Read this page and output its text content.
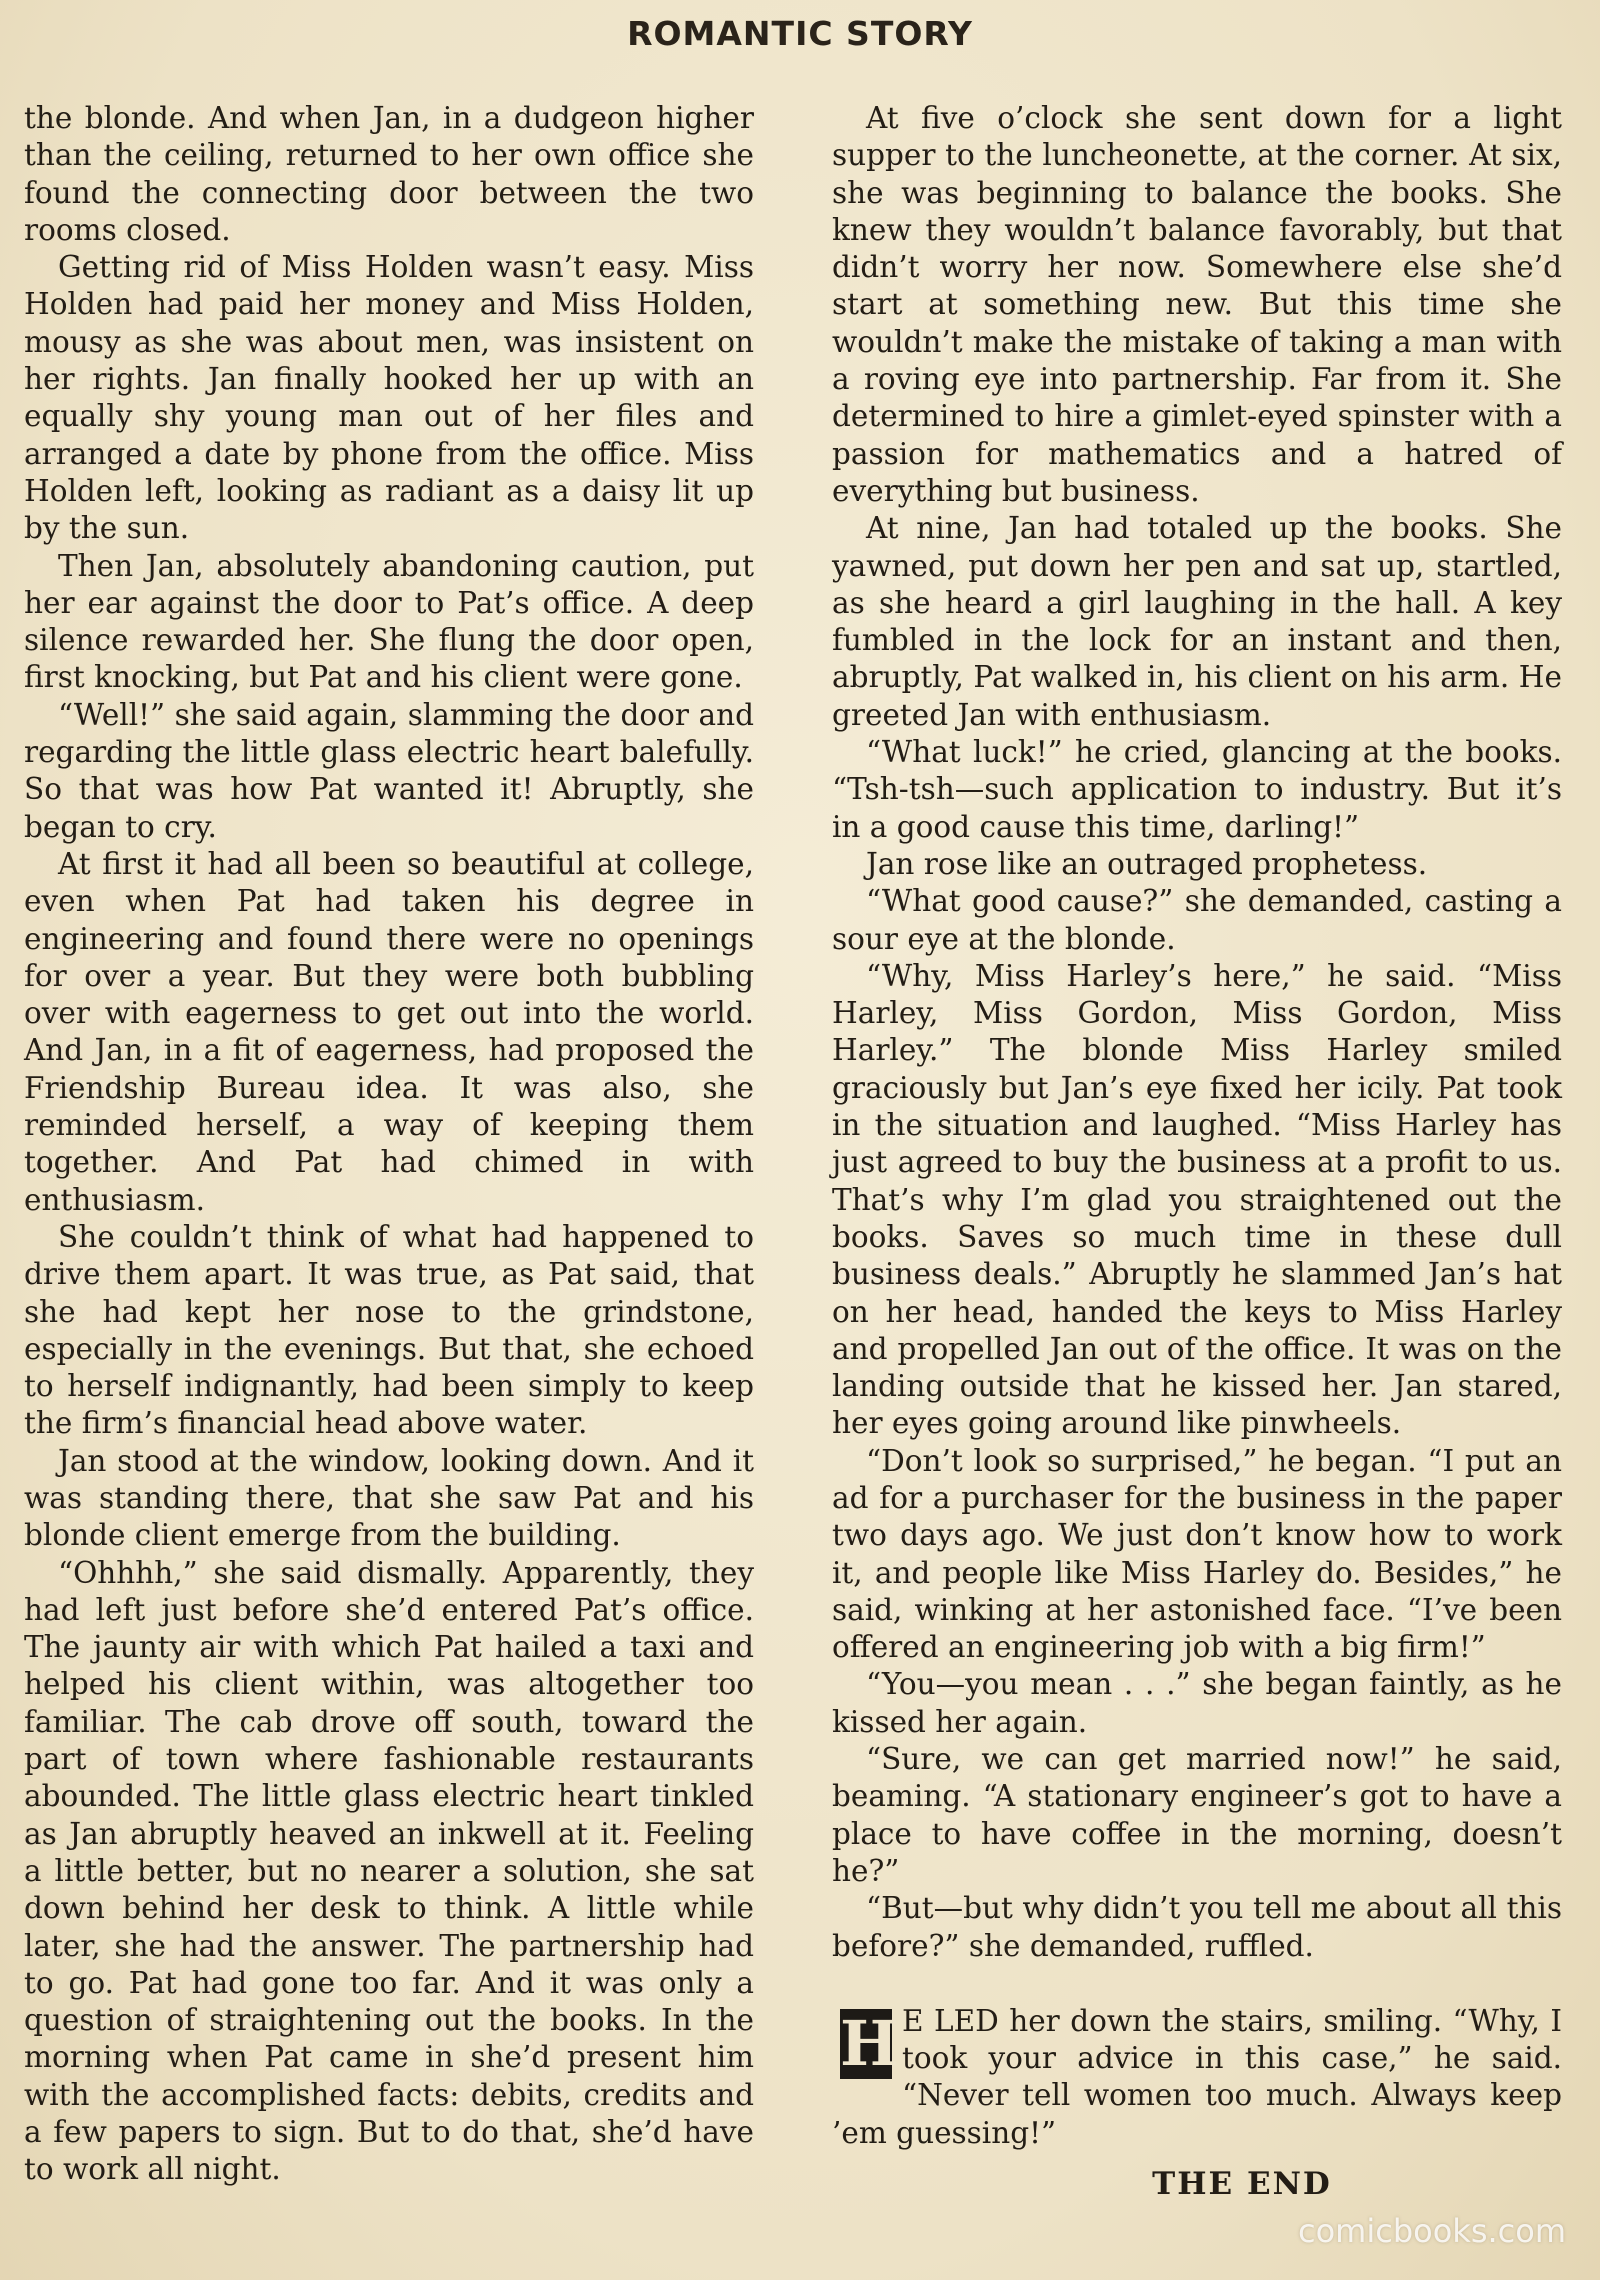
ROMANTIC STORY

the blonde. And when Jan, in a dudgeon higher than the ceiling, returned to her own office she found the connecting door between the two rooms closed.

Getting rid of Miss Holden wasn’t easy. Miss Holden had paid her money and Miss Holden, mousy as she was about men, was insistent on her rights. Jan finally hooked her up with an equally shy young man out of her files and arranged a date by phone from the office. Miss Holden left, looking as radiant as a daisy lit up by the sun.

Then Jan, absolutely abandoning caution, put her ear against the door to Pat’s office. A deep silence rewarded her. She flung the door open, first knocking, but Pat and his client were gone.

“Well!” she said again, slamming the door and regarding the little glass electric heart balefully. So that was how Pat wanted it! Abruptly, she began to cry.

At first it had all been so beautiful at college, even when Pat had taken his degree in engineering and found there were no openings for over a year. But they were both bubbling over with eagerness to get out into the world. And Jan, in a fit of eagerness, had proposed the Friendship Bureau idea. It was also, she reminded herself, a way of keeping them together. And Pat had chimed in with enthusiasm.

She couldn’t think of what had happened to drive them apart. It was true, as Pat said, that she had kept her nose to the grindstone, especially in the evenings. But that, she echoed to herself indignantly, had been simply to keep the firm’s financial head above water.

Jan stood at the window, looking down. And it was standing there, that she saw Pat and his blonde client emerge from the building.

“Ohhhh,” she said dismally. Apparently, they had left just before she’d entered Pat’s office. The jaunty air with which Pat hailed a taxi and helped his client within, was altogether too familiar. The cab drove off south, toward the part of town where fashionable restaurants abounded. The little glass electric heart tinkled as Jan abruptly heaved an inkwell at it. Feeling a little better, but no nearer a solution, she sat down behind her desk to think. A little while later, she had the answer. The partnership had to go. Pat had gone too far. And it was only a question of straightening out the books. In the morning when Pat came in she’d present him with the accomplished facts: debits, credits and a few papers to sign. But to do that, she’d have to work all night.

At five o’clock she sent down for a light supper to the luncheonette, at the corner. At six, she was beginning to balance the books. She knew they wouldn’t balance favorably, but that didn’t worry her now. Somewhere else she’d start at something new. But this time she wouldn’t make the mistake of taking a man with a roving eye into partnership. Far from it. She determined to hire a gimlet-eyed spinster with a passion for mathematics and a hatred of everything but business.

At nine, Jan had totaled up the books. She yawned, put down her pen and sat up, startled, as she heard a girl laughing in the hall. A key fumbled in the lock for an instant and then, abruptly, Pat walked in, his client on his arm. He greeted Jan with enthusiasm.

“What luck!” he cried, glancing at the books. “Tsh-tsh—such application to industry. But it’s in a good cause this time, darling!”

Jan rose like an outraged prophetess.

“What good cause?” she demanded, casting a sour eye at the blonde.

“Why, Miss Harley’s here,” he said. “Miss Harley, Miss Gordon, Miss Gordon, Miss Harley.” The blonde Miss Harley smiled graciously but Jan’s eye fixed her icily. Pat took in the situation and laughed. “Miss Harley has just agreed to buy the business at a profit to us. That’s why I’m glad you straightened out the books. Saves so much time in these dull business deals.” Abruptly he slammed Jan’s hat on her head, handed the keys to Miss Harley and propelled Jan out of the office. It was on the landing outside that he kissed her. Jan stared, her eyes going around like pinwheels.

“Don’t look so surprised,” he began. “I put an ad for a purchaser for the business in the paper two days ago. We just don’t know how to work it, and people like Miss Harley do. Besides,” he said, winking at her astonished face. “I’ve been offered an engineering job with a big firm!”

“You—you mean . . .” she began faintly, as he kissed her again.

“Sure, we can get married now!” he said, beaming. “A stationary engineer’s got to have a place to have coffee in the morning, doesn’t he?”

“But—but why didn’t you tell me about all this before?” she demanded, ruffled.

H E LED her down the stairs, smiling. “Why, I took your advice in this case,” he said. “Never tell women too much. Always keep ’em guessing!”

THE END
comicbooks.com
